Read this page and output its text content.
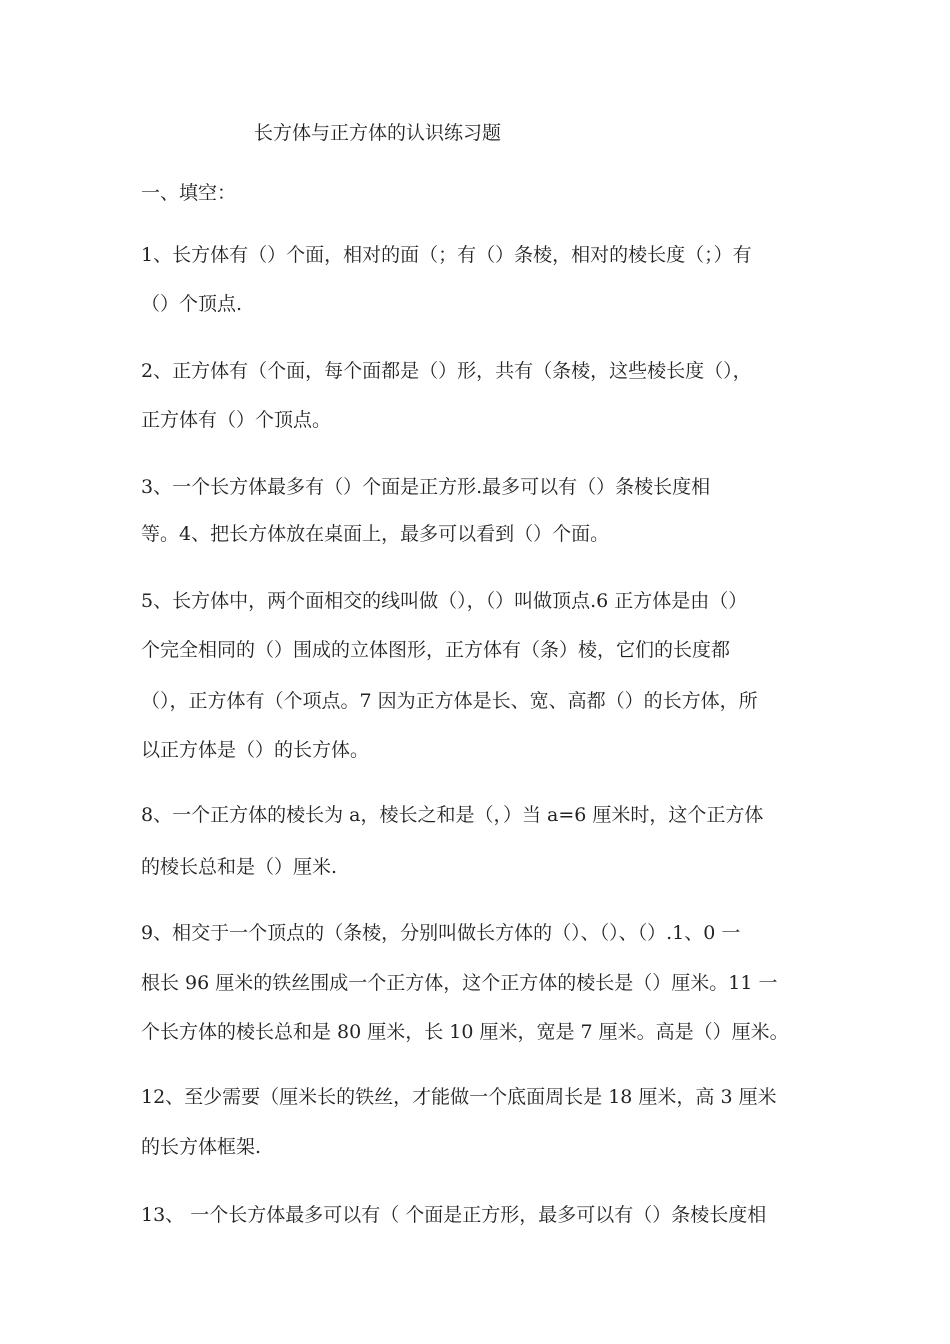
长方体与正方体的认识练习题
一、填空：
1、长方体有（）个面，相对的面（；有（）条棱，相对的棱长度（；）有
（）个顶点.
2、正方体有（个面，每个面都是（）形，共有（条棱，这些棱长度（），
正方体有（）个顶点。
3、一个长方体最多有（）个面是正方形.最多可以有（）条棱长度相
等。4、把长方体放在桌面上，最多可以看到（）个面。
5、长方体中，两个面相交的线叫做（），（）叫做顶点.6 正方体是由（）
个完全相同的（）围成的立体图形，正方体有（条）棱，它们的长度都
（），正方体有（个项点。7 因为正方体是长、宽、高都（）的长方体，所
以正方体是（）的长方体。
8、一个正方体的棱长为 a，棱长之和是（，）当 a=6 厘米时，这个正方体
的棱长总和是（）厘米.
9、相交于一个顶点的（条棱，分别叫做长方体的（）、（）、（）.1、0 一
根长 96 厘米的铁丝围成一个正方体，这个正方体的棱长是（）厘米。11 一
个长方体的棱长总和是 80 厘米，长 10 厘米，宽是 7 厘米。高是（）厘米。
12、至少需要（厘米长的铁丝，才能做一个底面周长是 18 厘米，高 3 厘米
的长方体框架.
13、 一个长方体最多可以有（ 个面是正方形，最多可以有（）条棱长度相
